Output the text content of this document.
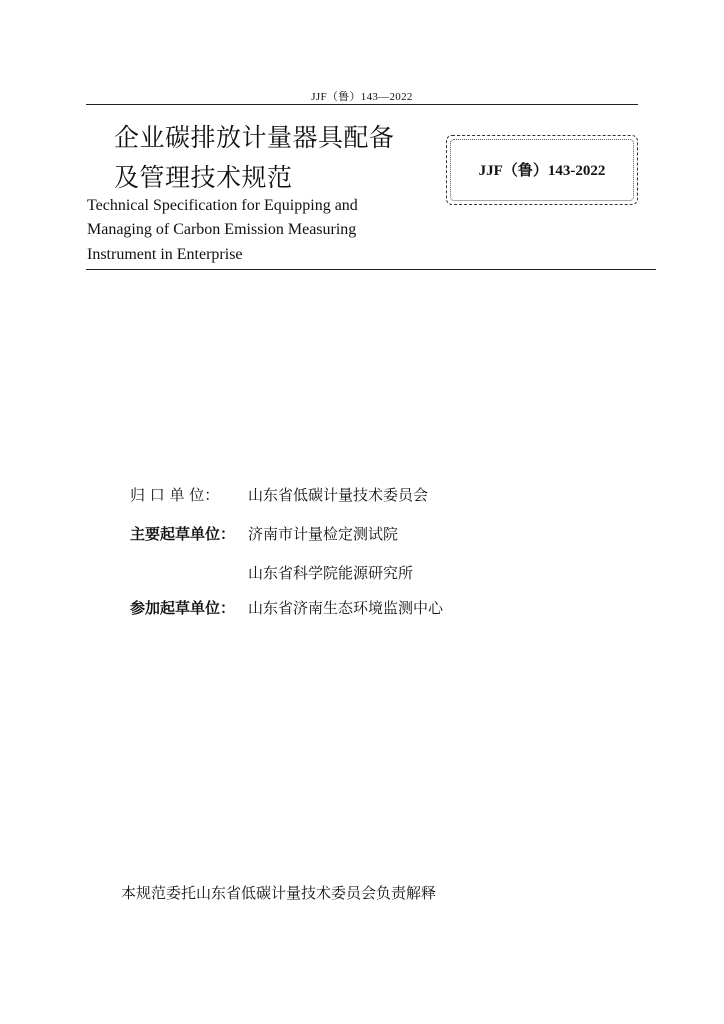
JJF（鲁）143—2022
企业碳排放计量器具配备
及管理技术规范	JJF（鲁）143-2022
Technical Specification for Equipping and
Managing of Carbon Emission Measuring
Instrument in Enterprise
归 口 单 位： 山东省低碳计量技术委员会
主要起草单位： 济南市计量检定测试院
山东省科学院能源研究所
参加起草单位： 山东省济南生态环境监测中心
本规范委托山东省低碳计量技术委员会负责解释
